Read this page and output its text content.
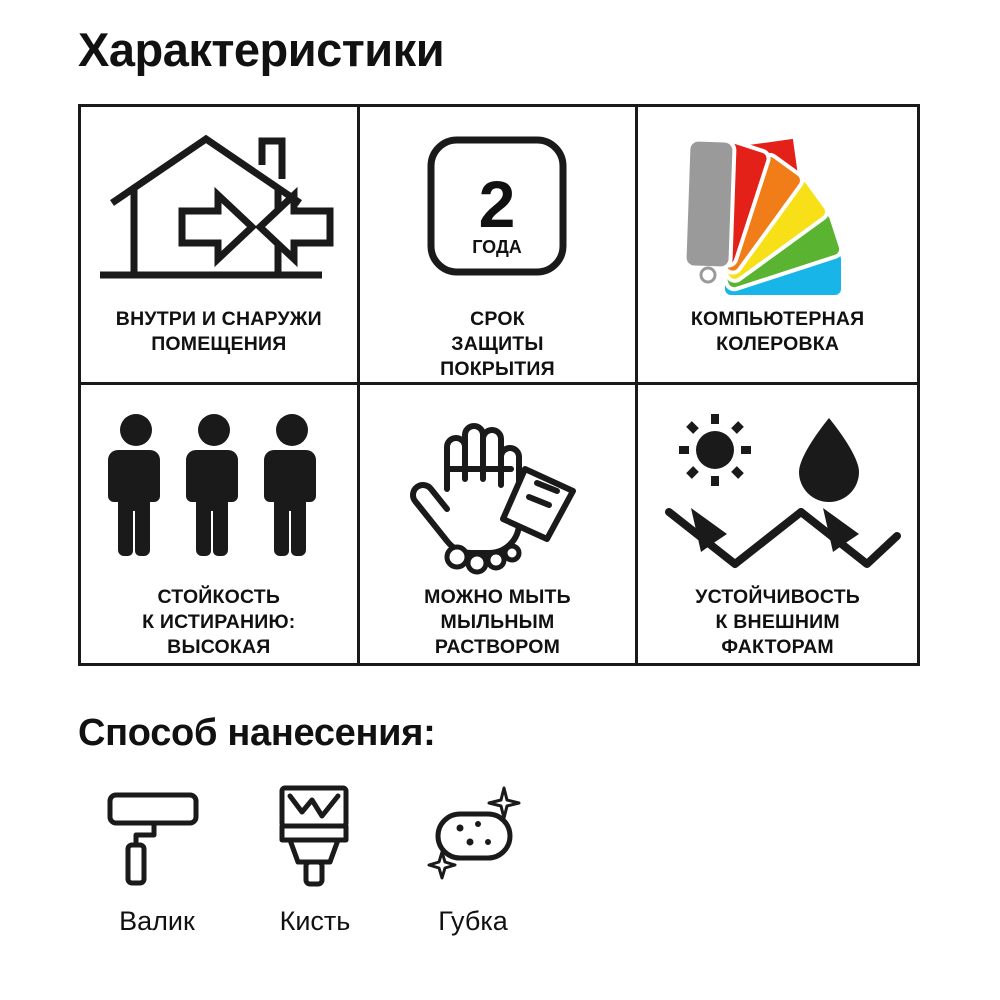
Характеристики
ВНУТРИ И СНАРУЖИ
ПОМЕЩЕНИЯ
2
ГОДА
СРОК
ЗАЩИТЫ
ПОКРЫТИЯ
КОМПЬЮТЕРНАЯ
КОЛЕРОВКА
СТОЙКОСТЬ
К ИСТИРАНИЮ:
ВЫСОКАЯ
МОЖНО МЫТЬ
МЫЛЬНЫМ
РАСТВОРОМ
УСТОЙЧИВОСТЬ
К ВНЕШНИМ
ФАКТОРАМ
Способ нанесения:
Валик	Кисть	Губка
